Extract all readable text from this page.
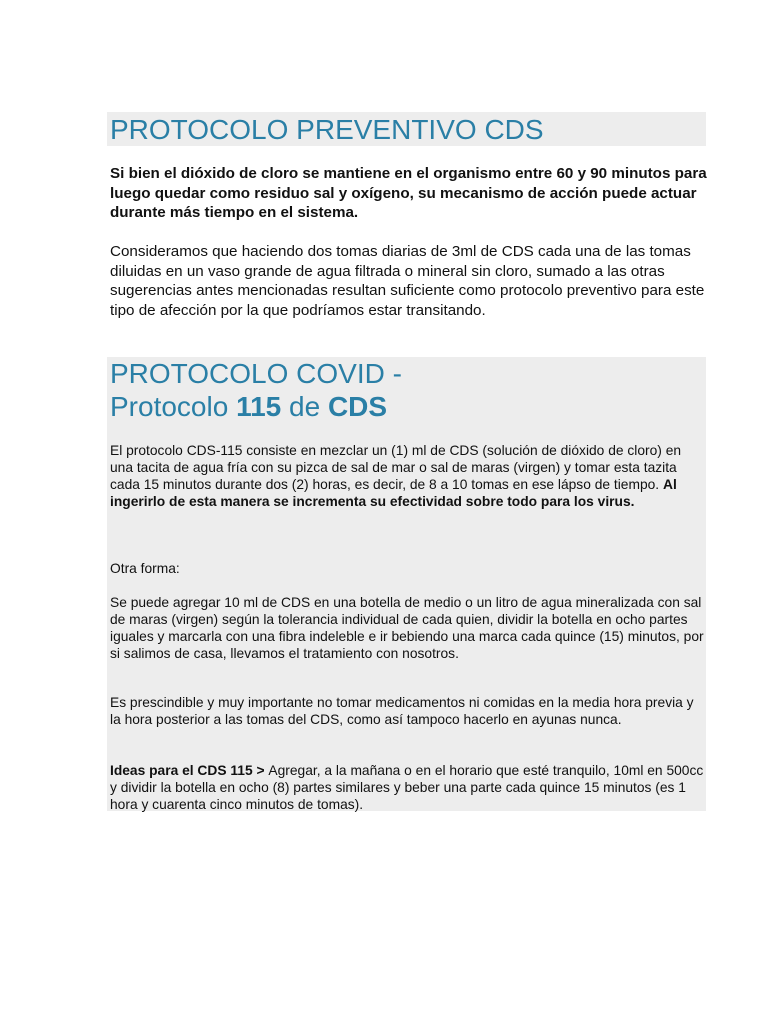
PROTOCOLO PREVENTIVO CDS

Si bien el dióxido de cloro se mantiene en el organismo entre 60 y 90 minutos para luego quedar como residuo sal y oxígeno, su mecanismo de acción puede actuar durante más tiempo en el sistema.

Consideramos que haciendo dos tomas diarias de 3ml de CDS cada una de las tomas diluidas en un vaso grande de agua filtrada o mineral sin cloro, sumado a las otras sugerencias antes mencionadas resultan suficiente como protocolo preventivo para este tipo de afección por la que podríamos estar transitando.

PROTOCOLO COVID -
Protocolo 115 de CDS

El protocolo CDS-115 consiste en mezclar un (1) ml de CDS (solución de dióxido de cloro) en una tacita de agua fría con su pizca de sal de mar o sal de maras (virgen) y tomar esta tazita cada 15 minutos durante dos (2) horas, es decir, de 8 a 10 tomas en ese lápso de tiempo. Al ingerirlo de esta manera se incrementa su efectividad sobre todo para los virus.

Otra forma:

Se puede agregar 10 ml de CDS en una botella de medio o un litro de agua mineralizada con sal de maras (virgen) según la tolerancia individual de cada quien, dividir la botella en ocho partes iguales y marcarla con una fibra indeleble e ir bebiendo una marca cada quince (15) minutos, por si salimos de casa, llevamos el tratamiento con nosotros.

Es prescindible y muy importante no tomar medicamentos ni comidas en la media hora previa y la hora posterior a las tomas del CDS, como así tampoco hacerlo en ayunas nunca.

Ideas para el CDS 115 > Agregar, a la mañana o en el horario que esté tranquilo, 10ml en 500cc y dividir la botella en ocho (8) partes similares y beber una parte cada quince 15 minutos (es 1 hora y cuarenta cinco minutos de tomas).
